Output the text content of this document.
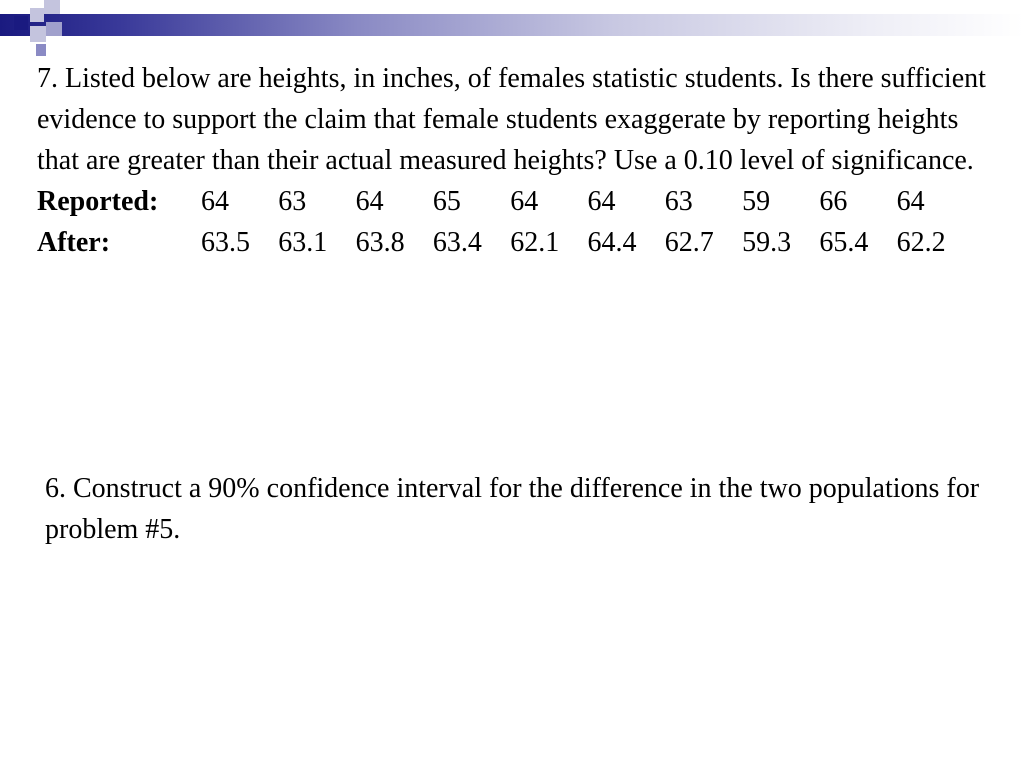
7. Listed below are heights, in inches, of females statistic students. Is there sufficient evidence to support the claim that female students exaggerate by reporting heights that are greater than their actual measured heights? Use a 0.10 level of significance.

Reported:	64	63	64	65	64	64	63	59	66	64
After:	63.5	63.1	63.8	63.4	62.1	64.4	62.7	59.3	65.4	62.2

6. Construct a 90% confidence interval for the difference in the two populations for problem #5.
